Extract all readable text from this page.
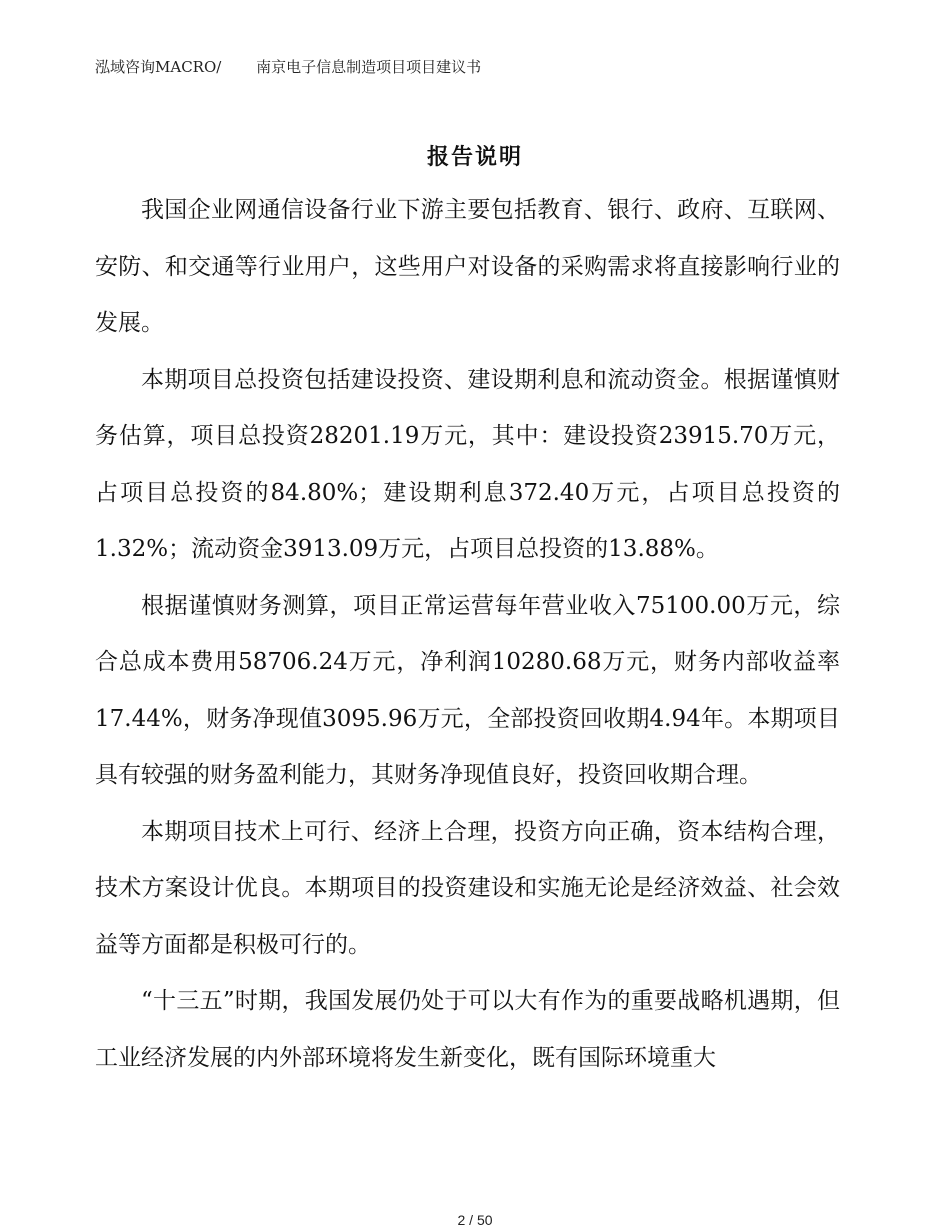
泓域咨询MACRO/ 南京电子信息制造项目项目建议书
报告说明

我国企业网通信设备行业下游主要包括教育、银行、政府、互联网、安防、和交通等行业用户，这些用户对设备的采购需求将直接影响行业的发展。

本期项目总投资包括建设投资、建设期利息和流动资金。根据谨慎财务估算，项目总投资28201.19万元，其中：建设投资23915.70万元，占项目总投资的84.80%；建设期利息372.40万元，占项目总投资的1.32%；流动资金3913.09万元，占项目总投资的13.88%。

根据谨慎财务测算，项目正常运营每年营业收入75100.00万元，综合总成本费用58706.24万元，净利润10280.68万元，财务内部收益率17.44%，财务净现值3095.96万元，全部投资回收期4.94年。本期项目具有较强的财务盈利能力，其财务净现值良好，投资回收期合理。

本期项目技术上可行、经济上合理，投资方向正确，资本结构合理，技术方案设计优良。本期项目的投资建设和实施无论是经济效益、社会效益等方面都是积极可行的。

“十三五”时期，我国发展仍处于可以大有作为的重要战略机遇期，但工业经济发展的内外部环境将发生新变化，既有国际环境重大

2 / 50
